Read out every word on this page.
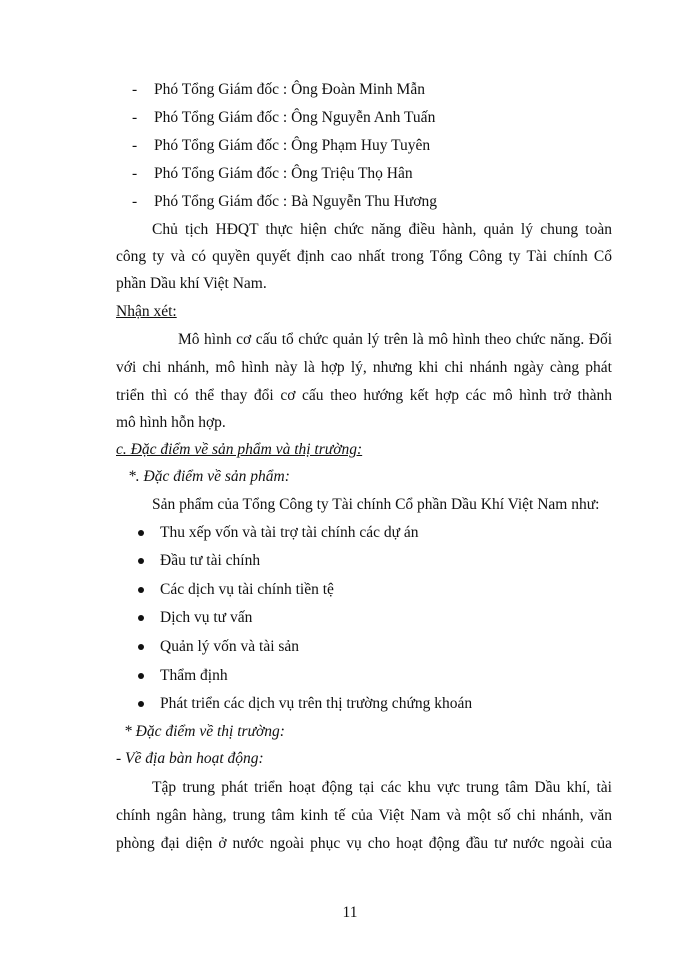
- Phó Tổng Giám đốc : Ông Đoàn Minh Mẫn
- Phó Tổng Giám đốc : Ông Nguyễn Anh Tuấn
- Phó Tổng Giám đốc : Ông Phạm Huy Tuyên
- Phó Tổng Giám đốc : Ông Triệu Thọ Hân
- Phó Tổng Giám đốc : Bà Nguyễn Thu Hương
Chủ tịch HĐQT thực hiện chức năng điều hành, quản lý chung toàn
công ty và có quyền quyết định cao nhất trong Tổng Công ty Tài chính Cổ
phần Dầu khí Việt Nam.
Nhận xét:
Mô hình cơ cấu tổ chức quản lý trên là mô hình theo chức năng. Đối
với chi nhánh, mô hình này là hợp lý, nhưng khi chi nhánh ngày càng phát
triển thì có thể thay đổi cơ cấu theo hướng kết hợp các mô hình trở thành
mô hình hỗn hợp.
c. Đặc điểm về sản phẩm và thị trường:
*. Đặc điểm về sản phẩm:
Sản phẩm của Tổng Công ty Tài chính Cổ phần Dầu Khí Việt Nam như:
Thu xếp vốn và tài trợ tài chính các dự án
Đầu tư tài chính
Các dịch vụ tài chính tiền tệ
Dịch vụ tư vấn
Quản lý vốn và tài sản
Thẩm định
Phát triển các dịch vụ trên thị trường chứng khoán
* Đặc điểm về thị trường:
- Về địa bàn hoạt động:
Tập trung phát triển hoạt động tại các khu vực trung tâm Dầu khí, tài
chính ngân hàng, trung tâm kinh tế của Việt Nam và một số chi nhánh, văn
phòng đại diện ở nước ngoài phục vụ cho hoạt động đầu tư nước ngoài của
11
